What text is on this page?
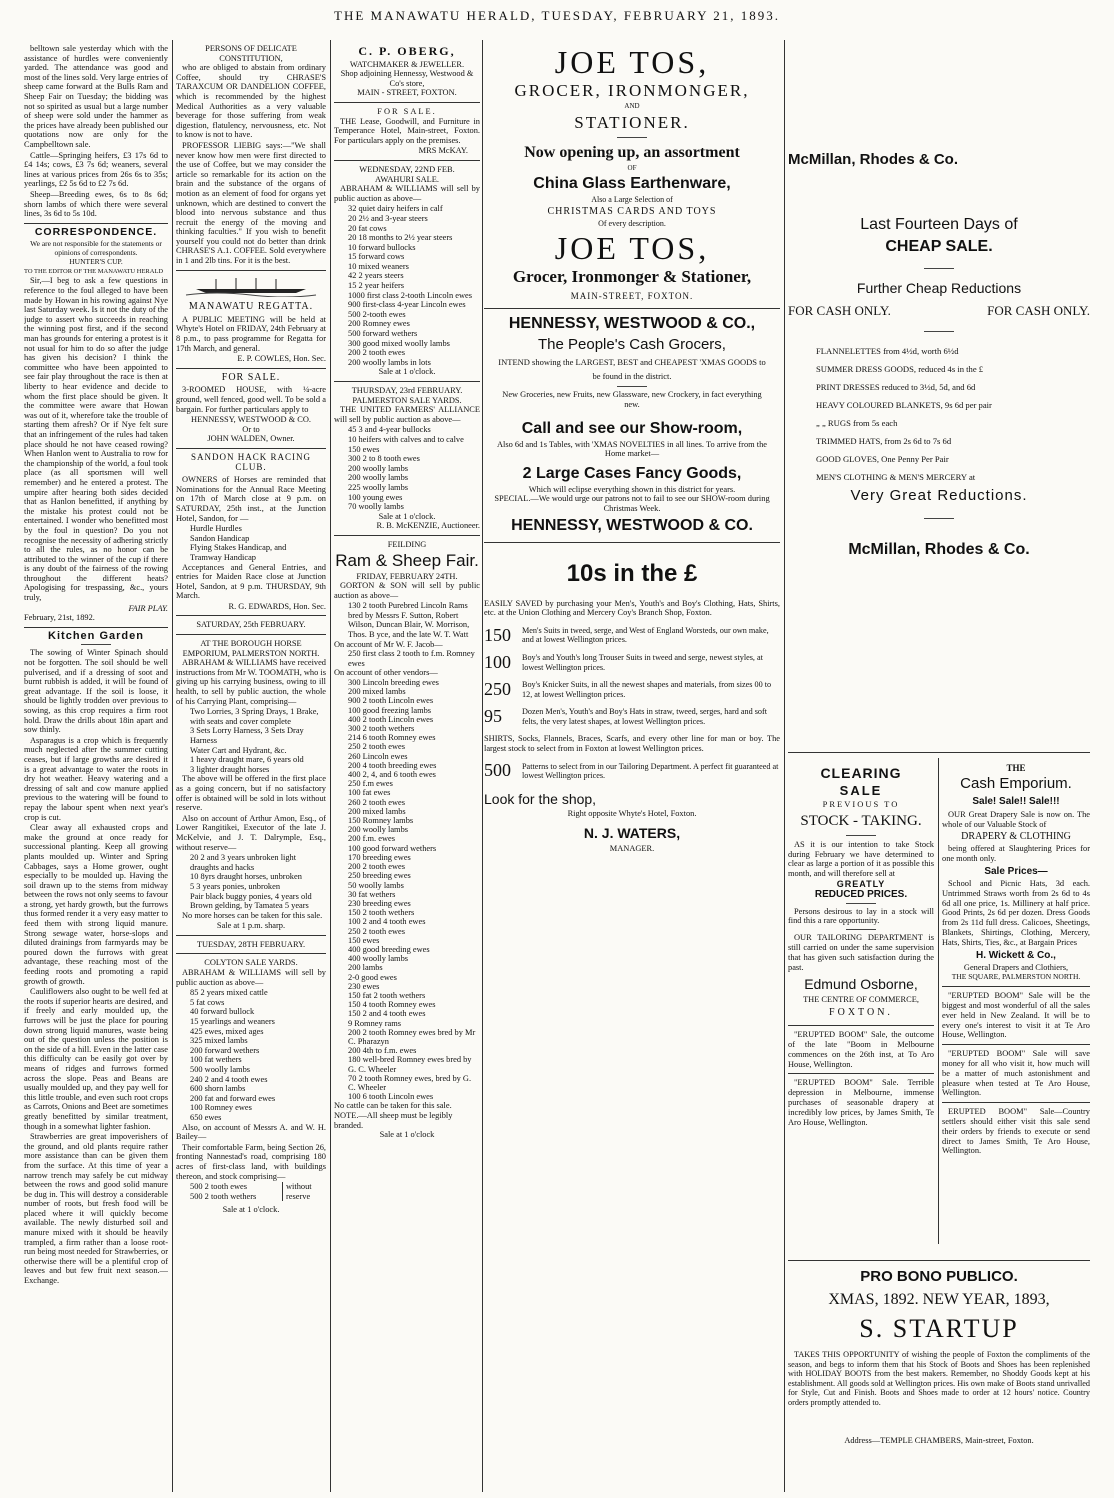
THE MANAWATU HERALD, TUESDAY, FEBRUARY 21, 1893.

belltown sale yesterday which with the assistance of hurdles were conveniently yarded. The attendance was good and most of the lines sold. Very large entries of sheep came forward at the Bulls Ram and Sheep Fair on Tuesday; the bidding was not so spirited as usual but a large number of sheep were sold under the hammer as the prices have already been published our quotations now are only for the Campbelltown sale.

Cattle—Springing heifers, £3 17s 6d to £4 14s; cows, £3 7s 6d; weaners, several lines at various prices from 26s 6s to 35s; yearlings, £2 5s 6d to £2 7s 6d.

Sheep—Breeding ewes, 6s to 8s 6d; shorn lambs of which there were several lines, 3s 6d to 5s 10d.

CORRESPONDENCE.
We are not responsible for the statements or opinions of correspondents.
HUNTER'S CUP.
TO THE EDITOR OF THE MANAWATU HERALD

Sir,—I beg to ask a few questions in reference to the foul alleged to have been made by Howan in his rowing against Nye last Saturday week. Is it not the duty of the judge to assert who succeeds in reaching the winning post first, and if the second man has grounds for entering a protest is it not usual for him to do so after the judge has given his decision? I think the committee who have been appointed to see fair play throughout the race is then at liberty to hear evidence and decide to whom the first place should be given. It the committee were aware that Howan was out of it, wherefore take the trouble of starting them afresh? Or if Nye felt sure that an infringement of the rules had taken place should he not have ceased rowing? When Hanlon went to Australia to row for the championship of the world, a foul took place (as all sportsmen will well remember) and he entered a protest. The umpire after hearing both sides decided that as Hanlon benefitted, if anything by the mistake his protest could not be entertained. I wonder who benefitted most by the foul in question? Do you not recognise the necessity of adhering strictly to all the rules, as no honor can be attributed to the winner of the cup if there is any doubt of the fairness of the rowing throughout the different heats? Apologising for trespassing, &c., yours truly,

FAIR PLAY.
February, 21st, 1892.
Kitchen Garden

The sowing of Winter Spinach should not be forgotten. The soil should be well pulverised, and if a dressing of soot and burnt rubbish is added, it will be found of great advantage. If the soil is loose, it should be lightly trodden over previous to sowing, as this crop requires a firm root hold. Draw the drills about 18in apart and sow thinly.

Asparagus is a crop which is frequently much neglected after the summer cutting ceases, but if large growths are desired it is a great advantage to water the roots in dry hot weather. Heavy watering and a dressing of salt and cow manure applied previous to the watering will be found to repay the labour spent when next year's crop is cut.

Clear away all exhausted crops and make the ground at once ready for successional planting. Keep all growing plants moulded up. Winter and Spring Cabbages, says a Home grower, ought especially to be moulded up. Having the soil drawn up to the stems from midway between the rows not only seems to favour a strong, yet hardy growth, but the furrows thus formed render it a very easy matter to feed them with strong liquid manure. Strong sewage water, horse-slops and diluted drainings from farmyards may be poured down the furrows with great advantage, these reaching most of the feeding roots and promoting a rapid growth of growth.

Cauliflowers also ought to be well fed at the roots if superior hearts are desired, and if freely and early moulded up, the furrows will be just the place for pouring down strong liquid manures, waste being out of the question unless the position is on the side of a hill. Even in the latter case this difficulty can be easily got over by means of ridges and furrows formed across the slope. Peas and Beans are usually moulded up, and they pay well for this little trouble, and even such root crops as Carrots, Onions and Beet are sometimes greatly benefitted by similar treatment, though in a somewhat lighter fashion.

Strawberries are great impoverishers of the ground, and old plants require rather more assistance than can be given them from the surface. At this time of year a narrow trench may safely be cut midway between the rows and good solid manure be dug in. This will destroy a considerable number of roots, but fresh food will be placed where it will quickly become available. The newly disturbed soil and manure mixed with it should be heavily trampled, a firm rather than a loose root-run being most needed for Strawberries, or otherwise there will be a plentiful crop of leaves and but few fruit next season.—Exchange.

PERSONS OF DELICATE CONSTITUTION,

who are obliged to abstain from ordinary Coffee, should try CHRASE'S TARAXCUM OR DANDELION COFFEE, which is recommended by the highest Medical Authorities as a very valuable beverage for those suffering from weak digestion, flatulency, nervousness, etc. Not to know is not to have.

PROFESSOR LIEBIG says:—"We shall never know how men were first directed to the use of Coffee, but we may consider the article so remarkable for its action on the brain and the substance of the organs of motion as an element of food for organs yet unknown, which are destined to convert the blood into nervous substance and thus recruit the energy of the moving and thinking faculties." If you wish to benefit yourself you could not do better than drink CHRASE'S A.1. COFFEE. Sold everywhere in 1 and 2lb tins. For it is the best.

MANAWATU REGATTA.

A PUBLIC MEETING will be held at Whyte's Hotel on FRIDAY, 24th February at 8 p.m., to pass programme for Regatta for 17th March, and general.

E. P. COWLES, Hon. Sec.
FOR SALE.

3-ROOMED HOUSE, with ¼-acre ground, well fenced, good well. To be sold a bargain. For further particulars apply to

HENNESSY, WESTWOOD & CO.
Or to
JOHN WALDEN, Owner.
SANDON HACK RACING CLUB.

OWNERS of Horses are reminded that Nominations for the Annual Race Meeting on 17th of March close at 9 p.m. on SATURDAY, 25th inst., at the Junction Hotel, Sandon, for —

Hurdle Hurdles
Sandon Handicap
Flying Stakes Handicap, and
Tramway Handicap

Acceptances and General Entries, and entries for Maiden Race close at Junction Hotel, Sandon, at 9 p.m. THURSDAY, 9th March.

R. G. EDWARDS, Hon. Sec.
SATURDAY, 25th FEBRUARY.
AT THE BOROUGH HORSE EMPORIUM, PALMERSTON NORTH.

ABRAHAM & WILLIAMS have received instructions from Mr W. TOOMATH, who is giving up his carrying business, owing to ill health, to sell by public auction, the whole of his Carrying Plant, comprising—

Two Lorries, 3 Spring Drays, 1 Brake, with seats and cover complete
3 Sets Lorry Harness, 3 Sets Dray Harness
Water Cart and Hydrant, &c.
1 heavy draught mare, 6 years old
3 lighter draught horses

The above will be offered in the first place as a going concern, but if no satisfactory offer is obtained will be sold in lots without reserve.

Also on account of Arthur Amon, Esq., of Lower Rangitikei, Executor of the late J. McKelvie, and J. T. Dalrymple, Esq., without reserve—

20 2 and 3 years unbroken light draughts and hacks
10 8yrs draught horses, unbroken
5 3 years ponies, unbroken
Pair black buggy ponies, 4 years old
Brown gelding, by Tamatea 5 years

No more horses can be taken for this sale.

Sale at 1 p.m. sharp.
TUESDAY, 28TH FEBRUARY.
COLYTON SALE YARDS.

ABRAHAM & WILLIAMS will sell by public auction as above—

85 2 years mixed cattle
5 fat cows
40 forward bullock
15 yearlings and weaners
425 ewes, mixed ages
325 mixed lambs
200 forward wethers
100 fat wethers
500 woolly lambs
240 2 and 4 tooth ewes
600 shorn lambs
200 fat and forward ewes
100 Romney ewes
650 ewes

Also, on account of Messrs A. and W. H. Bailey—

Their comfortable Farm, being Section 26, fronting Nannestad's road, comprising 180 acres of first-class land, with buildings thereon, and stock comprising—

500 2 tooth ewes
500 2 tooth wethers
without reserve
Sale at 1 o'clock.
C. P. OBERG,
WATCHMAKER & JEWELLER.
Shop adjoining Hennessy, Westwood & Co's store,
MAIN - STREET, FOXTON.
FOR SALE.

THE Lease, Goodwill, and Furniture in Temperance Hotel, Main-street, Foxton. For particulars apply on the premises.

MRS McKAY.
WEDNESDAY, 22ND FEB.
AWAHURI SALE.

ABRAHAM & WILLIAMS will sell by public auction as above—

32 quiet dairy heifers in calf
20 2½ and 3-year steers
20 fat cows
20 18 months to 2½ year steers
10 forward bullocks
15 forward cows
10 mixed weaners
42 2 years steers
15 2 year heifers
1000 first class 2-tooth Lincoln ewes
900 first-class 4-year Lincoln ewes
500 2-tooth ewes
200 Romney ewes
500 forward wethers
300 good mixed woolly lambs
200 2 tooth ewes
200 woolly lambs in lots
Sale at 1 o'clock.
THURSDAY, 23rd FEBRUARY.
PALMERSTON SALE YARDS.

THE UNITED FARMERS' ALLIANCE will sell by public auction as above—

45 3 and 4-year bullocks
10 heifers with calves and to calve
150 ewes
300 2 to 8 tooth ewes
200 woolly lambs
200 woolly lambs
225 woolly lambs
100 young ewes
70 woolly lambs
Sale at 1 o'clock.
R. B. McKENZIE, Auctioneer.
FEILDING
Ram & Sheep Fair.
FRIDAY, FEBRUARY 24TH.

GORTON & SON will sell by public auction as above—

130 2 tooth Purebred Lincoln Rams bred by Messrs F. Sutton, Robert Wilson, Duncan Blair, W. Morrison, Thos. B yce, and the late W. T. Watt
On account of Mr W. F. Jacob—
250 first class 2 tooth to f.m. Romney ewes
On account of other vendors—
300 Lincoln breeding ewes
200 mixed lambs
900 2 tooth Lincoln ewes
100 good freezing lambs
400 2 tooth Lincoln ewes
300 2 tooth wethers
214 6 tooth Romney ewes
250 2 tooth ewes
260 Lincoln ewes
200 4 tooth breeding ewes
400 2, 4, and 6 tooth ewes
250 f.m ewes
100 fat ewes
260 2 tooth ewes
200 mixed lambs
150 Romney lambs
200 woolly lambs
200 f.m. ewes
100 good forward wethers
170 breeding ewes
200 2 tooth ewes
250 breeding ewes
50 woolly lambs
30 fat wethers
230 breeding ewes
150 2 tooth wethers
100 2 and 4 tooth ewes
250 2 tooth ewes
150 ewes
400 good breeding ewes
400 woolly lambs
200 lambs
2-0 good ewes
230 ewes
150 fat 2 tooth wethers
150 4 tooth Romney ewes
150 2 and 4 tooth ewes
9 Romney rams
200 2 tooth Romney ewes bred by Mr C. Pharazyn
200 4th to f.m. ewes
180 well-bred Romney ewes bred by G. C. Wheeler
70 2 tooth Romney ewes, bred by G. C. Wheeler
100 6 tooth Lincoln ewes
No cattle can be taken for this sale.
NOTE.—All sheep must be legibly branded.
Sale at 1 o'clock
JOE TOS,
GROCER, IRONMONGER,
AND
STATIONER.
Now opening up, an assortment
OF
China Glass Earthenware,
Also a Large Selection of
CHRISTMAS CARDS AND TOYS
Of every description.
JOE TOS,
Grocer, Ironmonger & Stationer,
MAIN-STREET, FOXTON.
HENNESSY, WESTWOOD & CO.,
The People's Cash Grocers,
INTEND showing the LARGEST, BEST and CHEAPEST 'XMAS GOODS to be found in the district.
New Groceries, new Fruits, new Glassware, new Crockery, in fact everything new.
Call and see our Show-room,
Also 6d and 1s Tables, with 'XMAS NOVELTIES in all lines. To arrive from the Home market—
2 Large Cases Fancy Goods,
Which will eclipse everything shown in this district for years.
SPECIAL.—We would urge our patrons not to fail to see our SHOW-room during Christmas Week.
HENNESSY, WESTWOOD & CO.
10s in the £

EASILY SAVED by purchasing your Men's, Youth's and Boy's Clothing, Hats, Shirts, etc. at the Union Clothing and Mercery Coy's Branch Shop, Foxton.

150	Men's Suits in tweed, serge, and West of England Worsteds, our own make, and at lowest Wellington prices.
100	Boy's and Youth's long Trouser Suits in tweed and serge, newest styles, at lowest Wellington prices.
250	Boy's Knicker Suits, in all the newest shapes and materials, from sizes 00 to 12, at lowest Wellington prices.
95	Dozen Men's, Youth's and Boy's Hats in straw, tweed, serges, hard and soft felts, the very latest shapes, at lowest Wellington prices.

SHIRTS, Socks, Flannels, Braces, Scarfs, and every other line for man or boy. The largest stock to select from in Foxton at lowest Wellington prices.

500	Patterns to select from in our Tailoring Department. A perfect fit guaranteed at lowest Wellington prices.
Look for the shop,
Right opposite Whyte's Hotel, Foxton.
N. J. WATERS,
MANAGER.
McMillan, Rhodes & Co.
Last Fourteen Days of
CHEAP SALE.
Further Cheap Reductions
FOR CASH ONLY.	FOR CASH ONLY.
FLANNELETTES from 4½d, worth 6½d
SUMMER DRESS GOODS, reduced 4s in the £
PRINT DRESSES reduced to 3½d, 5d, and 6d
HEAVY COLOURED BLANKETS, 9s 6d per pair
„ „ RUGS from 5s each
TRIMMED HATS, from 2s 6d to 7s 6d
GOOD GLOVES, One Penny Per Pair
MEN'S CLOTHING & MEN'S MERCERY at
Very Great Reductions.
McMillan, Rhodes & Co.
CLEARING
SALE
PREVIOUS TO
STOCK - TAKING.

AS it is our intention to take Stock during February we have determined to clear as large a portion of it as possible this month, and will therefore sell at

GREATLY
REDUCED PRICES.

Persons desirous to lay in a stock will find this a rare opportunity.

OUR TAILORING DEPARTMENT is still carried on under the same supervision that has given such satisfaction during the past.

Edmund Osborne,
THE CENTRE OF COMMERCE,
FOXTON.

"ERUPTED BOOM" Sale, the outcome of the late "Boom in Melbourne commences on the 26th inst, at To Aro House, Wellington.

"ERUPTED BOOM" Sale. Terrible depression in Melbourne, immense purchases of seasonable drapery at incredibly low prices, by James Smith, Te Aro House, Wellington.

THE
Cash Emporium.
Sale! Sale!! Sale!!!

OUR Great Drapery Sale is now on. The whole of our Valuable Stock of

DRAPERY & CLOTHING

being offered at Slaughtering Prices for one month only.

Sale Prices—

School and Picnic Hats, 3d each. Untrimmed Straws worth from 2s 6d to 4s 6d all one price, 1s. Millinery at half price. Good Prints, 2s 6d per dozen. Dress Goods from 2s 11d full dress. Calicoes, Sheetings, Blankets, Shirtings, Clothing, Mercery, Hats, Shirts, Ties, &c., at Bargain Prices

H. Wickett & Co.,
General Drapers and Clothiers,
THE SQUARE, PALMERSTON NORTH.

"ERUPTED BOOM" Sale will be the biggest and most wonderful of all the sales ever held in New Zealand. It will be to every one's interest to visit it at Te Aro House, Wellington.

"ERUPTED BOOM" Sale will save money for all who visit it, how much will be a matter of much astonishment and pleasure when tested at Te Aro House, Wellington.

ERUPTED BOOM" Sale—Country settlers should either visit this sale send their orders by friends to execute or send direct to James Smith, Te Aro House, Wellington.

PRO BONO PUBLICO.
XMAS, 1892. NEW YEAR, 1893,
S. STARTUP

TAKES THIS OPPORTUNITY of wishing the people of Foxton the compliments of the season, and begs to inform them that his Stock of Boots and Shoes has been replenished with HOLIDAY BOOTS from the best makers. Remember, no Shoddy Goods kept at his establishment. All goods sold at Wellington prices. His own make of Boots stand unrivalled for Style, Cut and Finish. Boots and Shoes made to order at 12 hours' notice. Country orders promptly attended to.

Address—TEMPLE CHAMBERS, Main-street, Foxton.
